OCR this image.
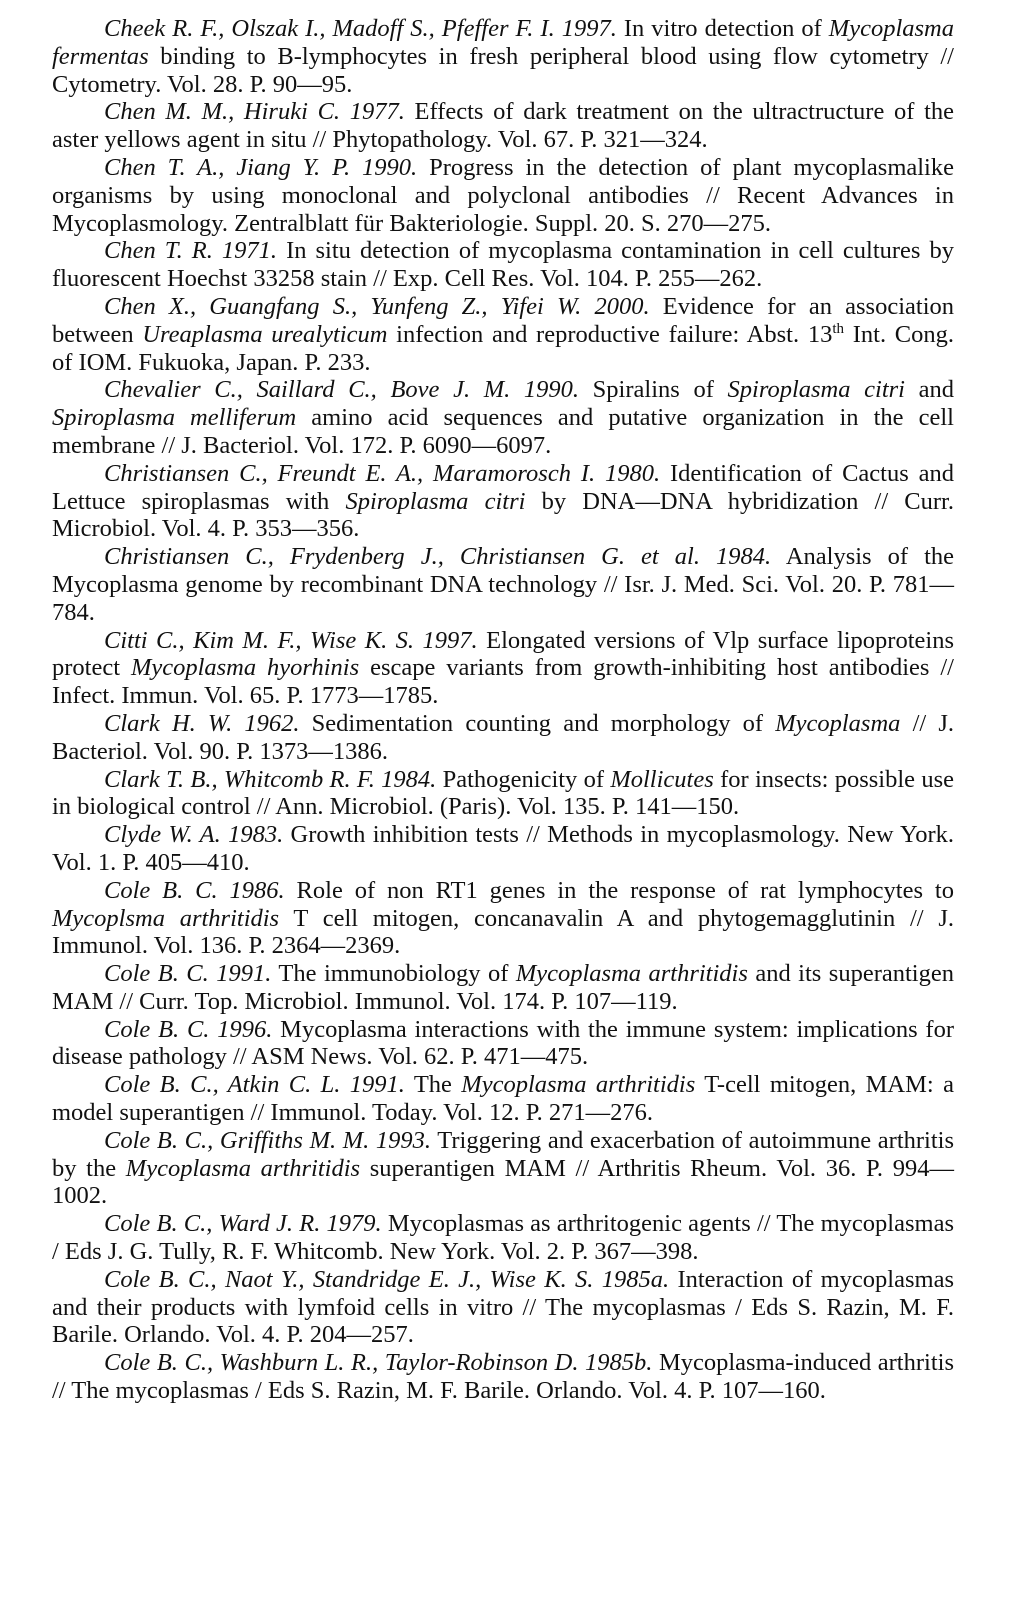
Cheek R. F., Olszak I., Madoff S., Pfeffer F. I. 1997. In vitro detection of Mycoplasma fermentas binding to B-lymphocytes in fresh peripheral blood using flow cytometry // Cytometry. Vol. 28. P. 90—95.

Chen M. M., Hiruki C. 1977. Effects of dark treatment on the ultractructure of the aster yellows agent in situ // Phytopathology. Vol. 67. P. 321—324.

Chen T. A., Jiang Y. P. 1990. Progress in the detection of plant mycoplasmalike organisms by using monoclonal and polyclonal antibodies // Recent Advances in Mycoplasmology. Zentralblatt für Bakteriologie. Suppl. 20. S. 270—275.

Chen T. R. 1971. In situ detection of mycoplasma contamination in cell cultures by fluorescent Hoechst 33258 stain // Exp. Cell Res. Vol. 104. P. 255—262.

Chen X., Guangfang S., Yunfeng Z., Yifei W. 2000. Evidence for an association between Ureaplasma urealyticum infection and reproductive failure: Abst. 13th Int. Cong. of IOM. Fukuoka, Japan. P. 233.

Chevalier C., Saillard C., Bove J. M. 1990. Spiralins of Spiroplasma citri and Spiroplasma melliferum amino acid sequences and putative organization in the cell membrane // J. Bacteriol. Vol. 172. P. 6090—6097.

Christiansen C., Freundt E. A., Maramorosch I. 1980. Identification of Cactus and Lettuce spiroplasmas with Spiroplasma citri by DNA—DNA hybridization // Curr. Microbiol. Vol. 4. P. 353—356.

Christiansen C., Frydenberg J., Christiansen G. et al. 1984. Analysis of the Mycoplasma genome by recombinant DNA technology // Isr. J. Med. Sci. Vol. 20. P. 781—784.

Citti C., Kim M. F., Wise K. S. 1997. Elongated versions of Vlp surface lipoproteins protect Mycoplasma hyorhinis escape variants from growth-inhibiting host antibodies // Infect. Immun. Vol. 65. P. 1773—1785.

Clark H. W. 1962. Sedimentation counting and morphology of Mycoplasma // J. Bacteriol. Vol. 90. P. 1373—1386.

Clark T. B., Whitcomb R. F. 1984. Pathogenicity of Mollicutes for insects: possible use in biological control // Ann. Microbiol. (Paris). Vol. 135. P. 141—150.

Clyde W. A. 1983. Growth inhibition tests // Methods in mycoplasmology. New York. Vol. 1. P. 405—410.

Cole B. C. 1986. Role of non RT1 genes in the response of rat lymphocytes to Mycoplsma arthritidis T cell mitogen, concanavalin A and phytogemagglutinin // J. Immunol. Vol. 136. P. 2364—2369.

Cole B. C. 1991. The immunobiology of Mycoplasma arthritidis and its superantigen MAM // Curr. Top. Microbiol. Immunol. Vol. 174. P. 107—119.

Cole B. C. 1996. Mycoplasma interactions with the immune system: implications for disease pathology // ASM News. Vol. 62. P. 471—475.

Cole B. C., Atkin C. L. 1991. The Mycoplasma arthritidis T-cell mitogen, MAM: a model superantigen // Immunol. Today. Vol. 12. P. 271—276.

Cole B. C., Griffiths M. M. 1993. Triggering and exacerbation of autoimmune arthritis by the Mycoplasma arthritidis superantigen MAM // Arthritis Rheum. Vol. 36. P. 994—1002.

Cole B. C., Ward J. R. 1979. Mycoplasmas as arthritogenic agents // The mycoplasmas / Eds J. G. Tully, R. F. Whitcomb. New York. Vol. 2. P. 367—398.

Cole B. C., Naot Y., Standridge E. J., Wise K. S. 1985a. Interaction of mycoplasmas and their products with lymfoid cells in vitro // The mycoplasmas / Eds S. Razin, M. F. Barile. Orlando. Vol. 4. P. 204—257.

Cole B. C., Washburn L. R., Taylor-Robinson D. 1985b. Mycoplasma-induced arthritis // The mycoplasmas / Eds S. Razin, M. F. Barile. Orlando. Vol. 4. P. 107—160.
